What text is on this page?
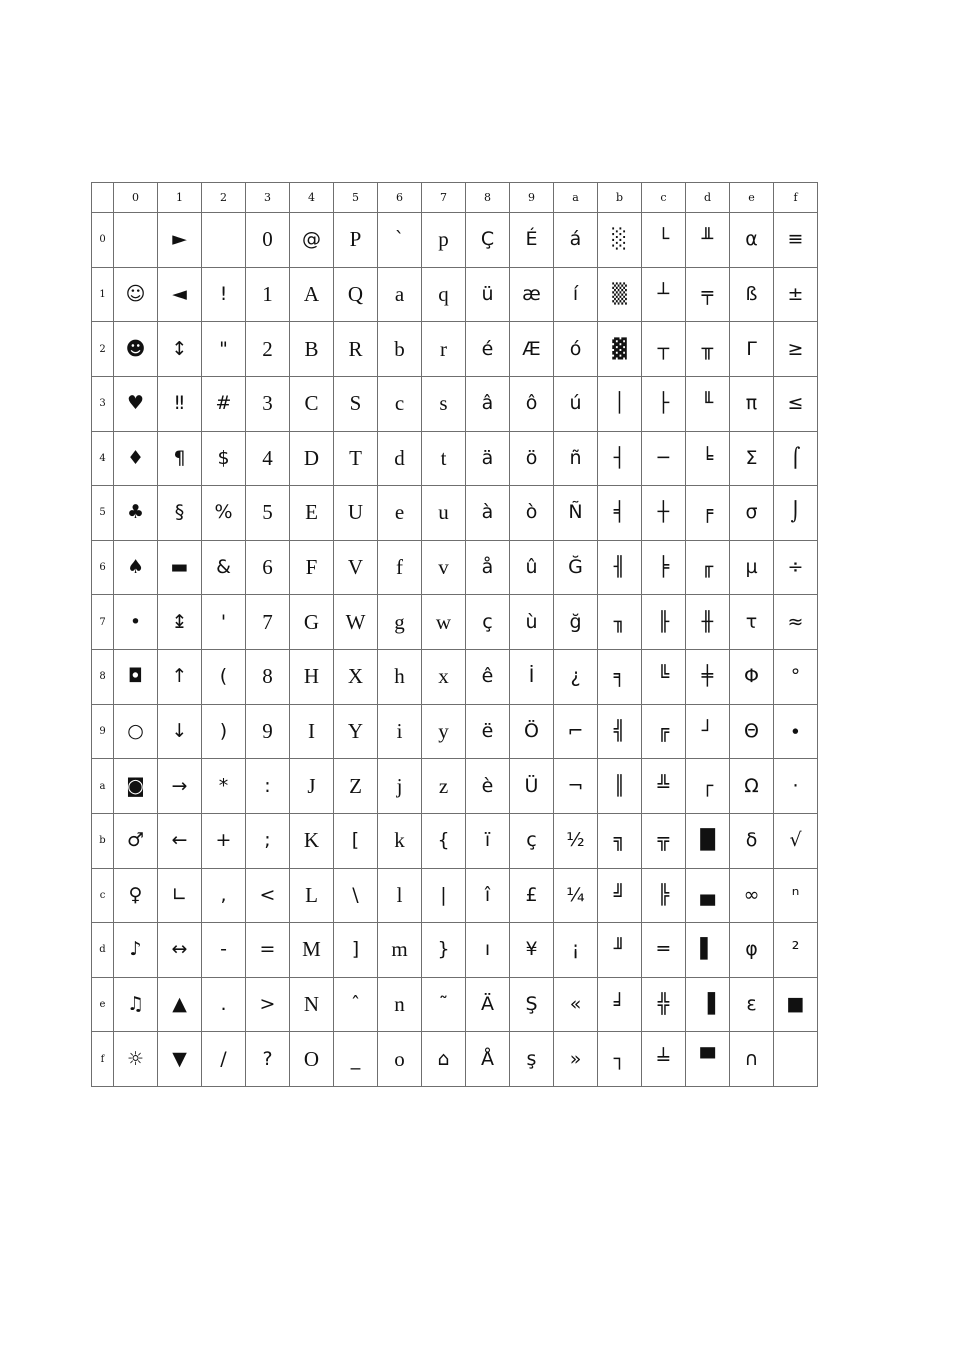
	0	1	2	3	4	5	6	7	8	9	a	b	c	d	e	f
0		►		0	@	P	`	p	Ç	É	á	░	└	╨	α	≡
1	☺	◄	!	1	A	Q	a	q	ü	æ	í	▒	┴	╤	ß	±
2	☻	↕	"	2	B	R	b	r	é	Æ	ó	▓	┬	╥	Γ	≥
3	♥	‼	#	3	C	S	c	s	â	ô	ú	│	├	╙	π	≤
4	♦	¶	$	4	D	T	d	t	ä	ö	ñ	┤	─	╘	Σ	⌠
5	♣	§	%	5	E	U	e	u	à	ò	Ñ	╡	┼	╒	σ	⌡
6	♠	▬	&	6	F	V	f	v	å	û	Ğ	╢	╞	╓	µ	÷
7	•	↨	'	7	G	W	g	w	ç	ù	ğ	╖	╟	╫	τ	≈
8	◘	↑	(	8	H	X	h	x	ê	İ	¿	╕	╚	╪	Φ	°
9	○	↓	)	9	I	Y	i	y	ë	Ö	⌐	╣	╔	┘	Θ	∙
a	◙	→	*	:	J	Z	j	z	è	Ü	¬	║	╩	┌	Ω	·
b	♂	←	+	;	K	[	k	{	ï	ç	½	╗	╦	█	δ	√
c	♀	∟	,	<	L	\	l	|	î	£	¼	╝	╠	▄	∞	ⁿ
d	♪	↔	-	=	M	]	m	}	ı	¥	¡	╜	═	▌	φ	²
e	♫	▲	.	>	N	ˆ	n	˜	Ä	Ş	«	╛	╬	▐	ε	■
f	☼	▼	/	?	O	_	o	⌂	Å	ş	»	┐	╧	▀	∩	
